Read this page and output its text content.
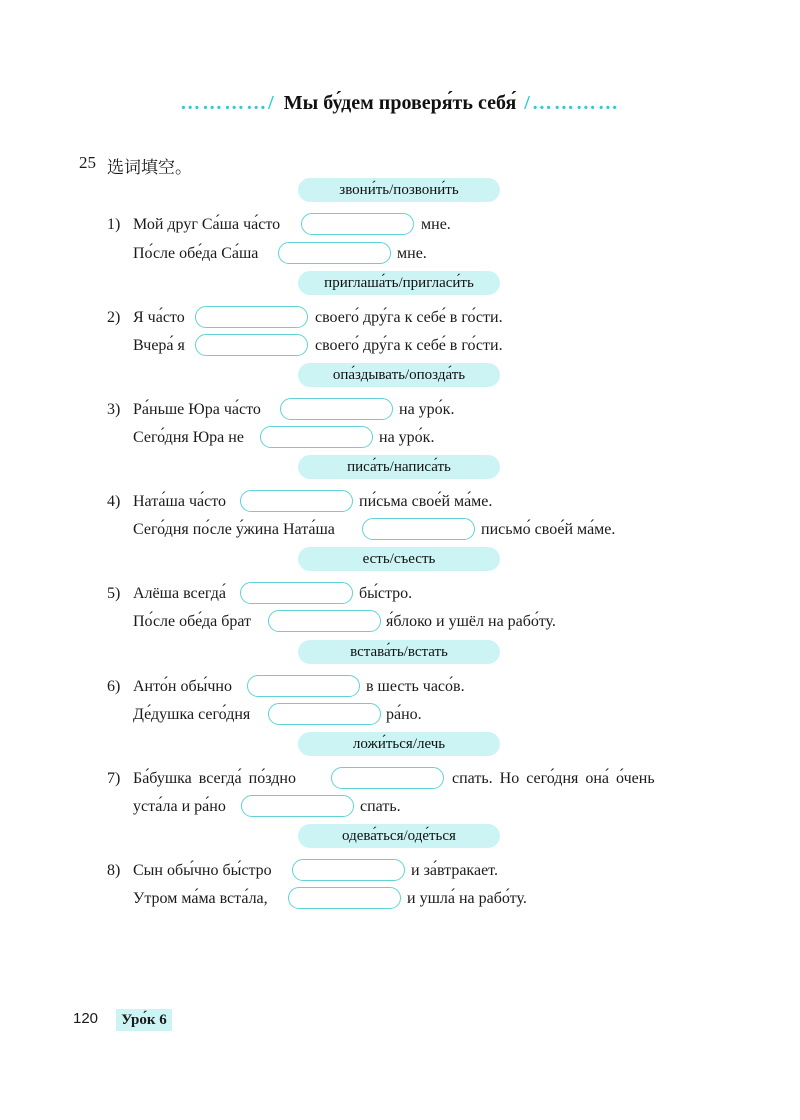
…………/ Мы бу́дем проверя́ть себя́ /…………
25 选词填空。
звони́ть/позвони́ть
1) Мой друг Са́ша ча́сто	мне.
По́сле обе́да Са́ша	мне.
приглаша́ть/пригласи́ть
2) Я ча́сто	своего́ дру́га к себе́ в го́сти.
Вчера́ я	своего́ дру́га к себе́ в го́сти.
опа́здывать/опозда́ть
3) Ра́ньше Юра ча́сто	на уро́к.
Сего́дня Юра не	на уро́к.
писа́ть/написа́ть
4) Ната́ша ча́сто	пи́сьма свое́й ма́ме.
Сего́дня по́сле у́жина Ната́ша	письмо́ свое́й ма́ме.
есть/съесть
5) Алёша всегда́	бы́стро.
По́сле обе́да брат	я́блоко и ушёл на рабо́ту.
встава́ть/встать
6) Анто́н обы́чно	в шесть часо́в.
Де́душка сего́дня	ра́но.
ложи́ться/лечь
7) Ба́бушка всегда́ по́здно	спать. Но сего́дня она́ о́чень
уста́ла и ра́но	спать.
одева́ться/оде́ться
8) Сын обы́чно бы́стро	и за́втракает.
Утром ма́ма вста́ла,	и ушла́ на рабо́ту.
120	Уро́к 6
